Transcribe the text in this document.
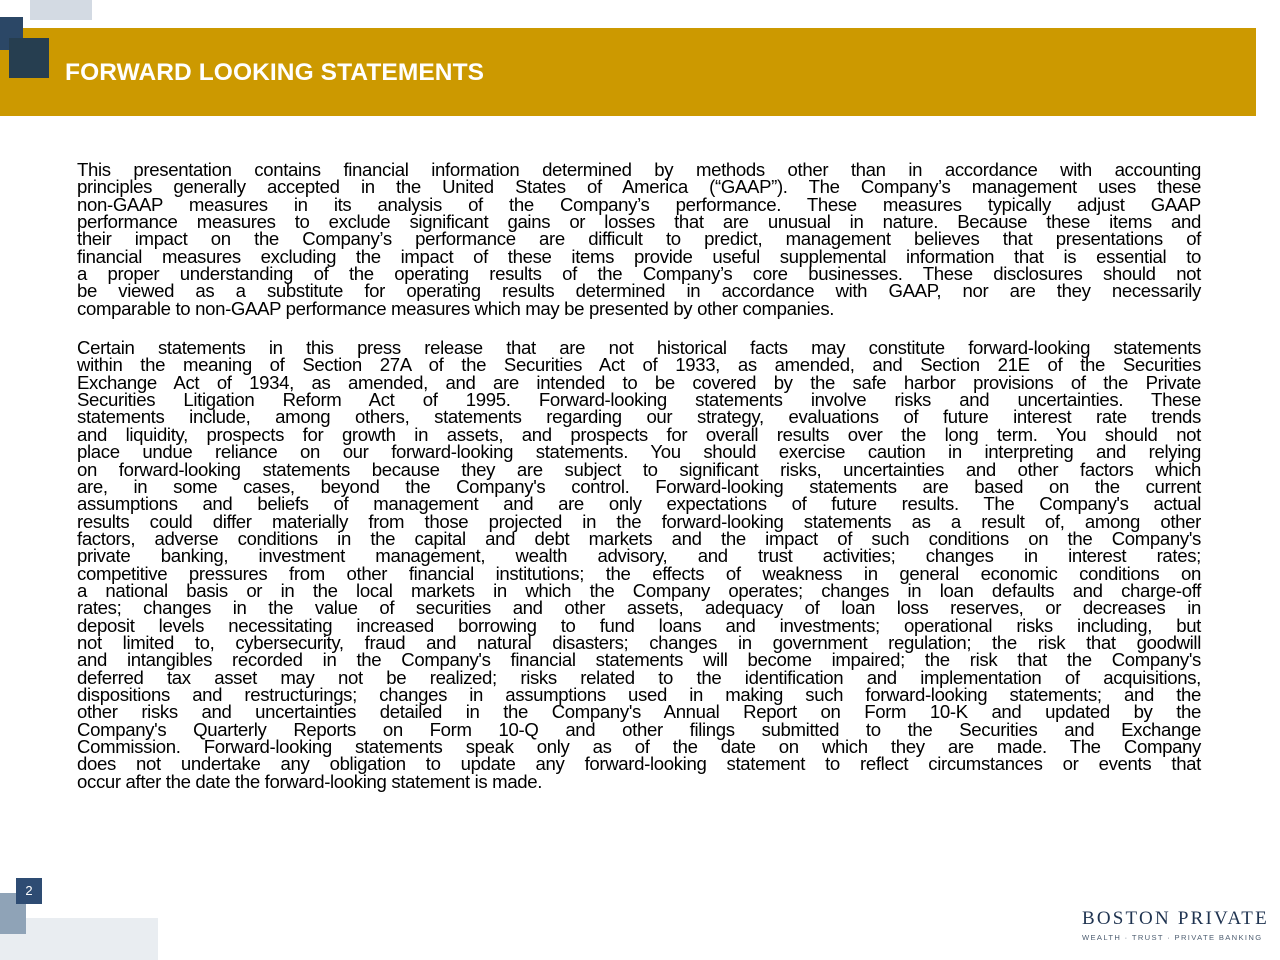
FORWARD LOOKING STATEMENTS
This presentation contains financial information determined by methods other than in accordance with accounting
principles generally accepted in the United States of America (“GAAP”). The Company’s management uses these
non-GAAP measures in its analysis of the Company’s performance. These measures typically adjust GAAP
performance measures to exclude significant gains or losses that are unusual in nature. Because these items and
their impact on the Company’s performance are difficult to predict, management believes that presentations of
financial measures excluding the impact of these items provide useful supplemental information that is essential to
a proper understanding of the operating results of the Company’s core businesses. These disclosures should not
be viewed as a substitute for operating results determined in accordance with GAAP, nor are they necessarily
comparable to non-GAAP performance measures which may be presented by other companies.
Certain statements in this press release that are not historical facts may constitute forward-looking statements
within the meaning of Section 27A of the Securities Act of 1933, as amended, and Section 21E of the Securities
Exchange Act of 1934, as amended, and are intended to be covered by the safe harbor provisions of the Private
Securities Litigation Reform Act of 1995. Forward-looking statements involve risks and uncertainties. These
statements include, among others, statements regarding our strategy, evaluations of future interest rate trends
and liquidity, prospects for growth in assets, and prospects for overall results over the long term. You should not
place undue reliance on our forward-looking statements. You should exercise caution in interpreting and relying
on forward-looking statements because they are subject to significant risks, uncertainties and other factors which
are, in some cases, beyond the Company's control. Forward-looking statements are based on the current
assumptions and beliefs of management and are only expectations of future results. The Company's actual
results could differ materially from those projected in the forward-looking statements as a result of, among other
factors, adverse conditions in the capital and debt markets and the impact of such conditions on the Company's
private banking, investment management, wealth advisory, and trust activities; changes in interest rates;
competitive pressures from other financial institutions; the effects of weakness in general economic conditions on
a national basis or in the local markets in which the Company operates; changes in loan defaults and charge-off
rates; changes in the value of securities and other assets, adequacy of loan loss reserves, or decreases in
deposit levels necessitating increased borrowing to fund loans and investments; operational risks including, but
not limited to, cybersecurity, fraud and natural disasters; changes in government regulation; the risk that goodwill
and intangibles recorded in the Company's financial statements will become impaired; the risk that the Company's
deferred tax asset may not be realized; risks related to the identification and implementation of acquisitions,
dispositions and restructurings; changes in assumptions used in making such forward-looking statements; and the
other risks and uncertainties detailed in the Company's Annual Report on Form 10-K and updated by the
Company's Quarterly Reports on Form 10-Q and other filings submitted to the Securities and Exchange
Commission. Forward-looking statements speak only as of the date on which they are made. The Company
does not undertake any obligation to update any forward-looking statement to reflect circumstances or events that
occur after the date the forward-looking statement is made.
2
BOSTON PRIVATE
WEALTH · TRUST · PRIVATE BANKING
